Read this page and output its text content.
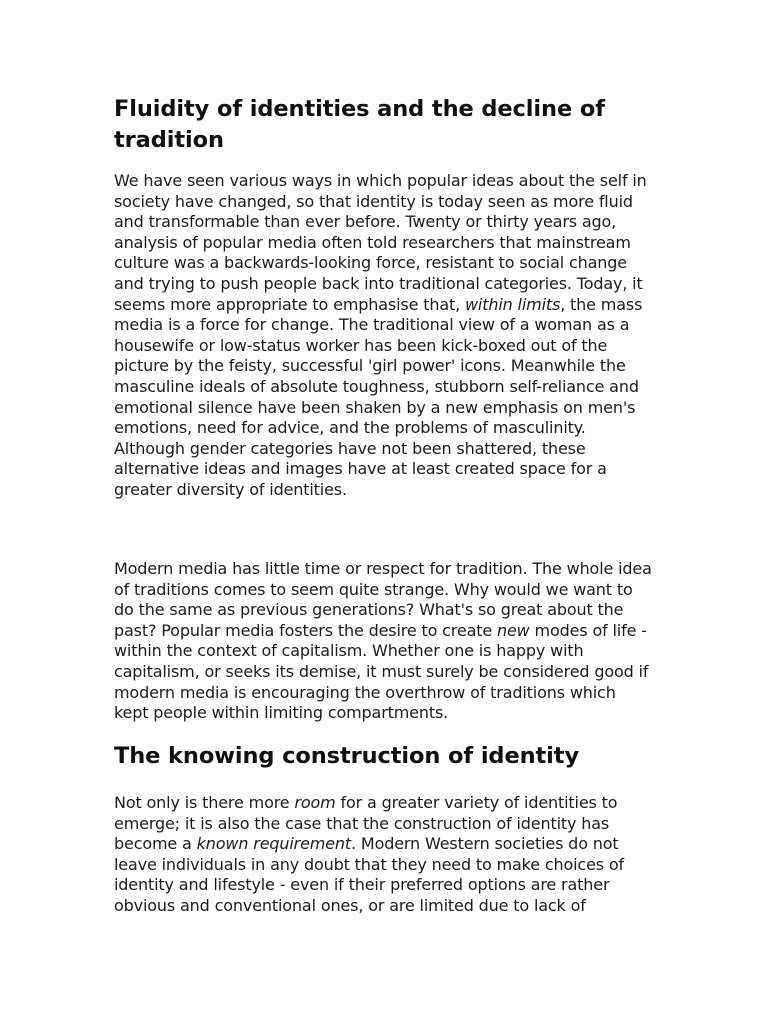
Fluidity of identities and the decline of tradition

We have seen various ways in which popular ideas about the self in society have changed, so that identity is today seen as more fluid and transformable than ever before. Twenty or thirty years ago, analysis of popular media often told researchers that mainstream culture was a backwards-looking force, resistant to social change and trying to push people back into traditional categories. Today, it seems more appropriate to emphasise that, within limits, the mass media is a force for change. The traditional view of a woman as a housewife or low-status worker has been kick-boxed out of the picture by the feisty, successful 'girl power' icons. Meanwhile the masculine ideals of absolute toughness, stubborn self-reliance and emotional silence have been shaken by a new emphasis on men's emotions, need for advice, and the problems of masculinity. Although gender categories have not been shattered, these alternative ideas and images have at least created space for a greater diversity of identities.

Modern media has little time or respect for tradition. The whole idea of traditions comes to seem quite strange. Why would we want to do the same as previous generations? What's so great about the past? Popular media fosters the desire to create new modes of life - within the context of capitalism. Whether one is happy with capitalism, or seeks its demise, it must surely be considered good if modern media is encouraging the overthrow of traditions which kept people within limiting compartments.

The knowing construction of identity

Not only is there more room for a greater variety of identities to emerge; it is also the case that the construction of identity has become a known requirement. Modern Western societies do not leave individuals in any doubt that they need to make choices of identity and lifestyle - even if their preferred options are rather obvious and conventional ones, or are limited due to lack of
